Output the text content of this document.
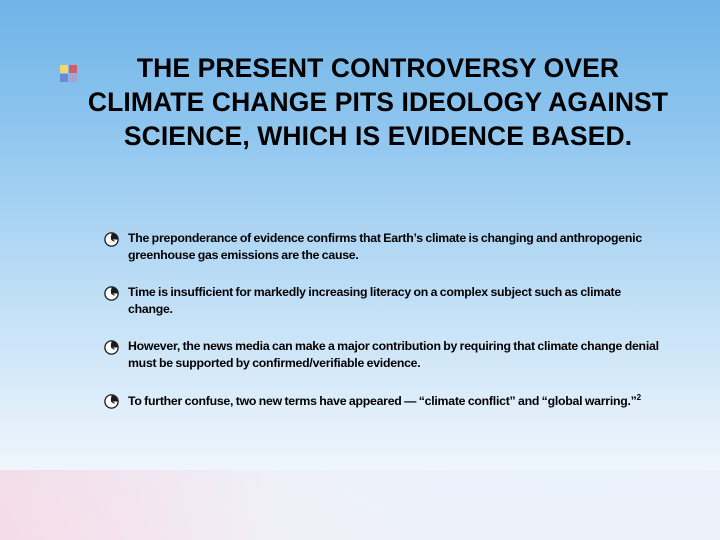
THE PRESENT CONTROVERSY OVER CLIMATE CHANGE PITS IDEOLOGY AGAINST SCIENCE, WHICH IS EVIDENCE BASED.
The preponderance of evidence confirms that Earth’s climate is changing and anthropogenic greenhouse gas emissions are the cause.
Time is insufficient for markedly increasing literacy on a complex subject such as climate change.
However, the news media can make a major contribution by requiring that climate change denial must be supported by confirmed/verifiable evidence.
To further confuse, two new terms have appeared — “climate conflict” and “global warring.”$^2$
